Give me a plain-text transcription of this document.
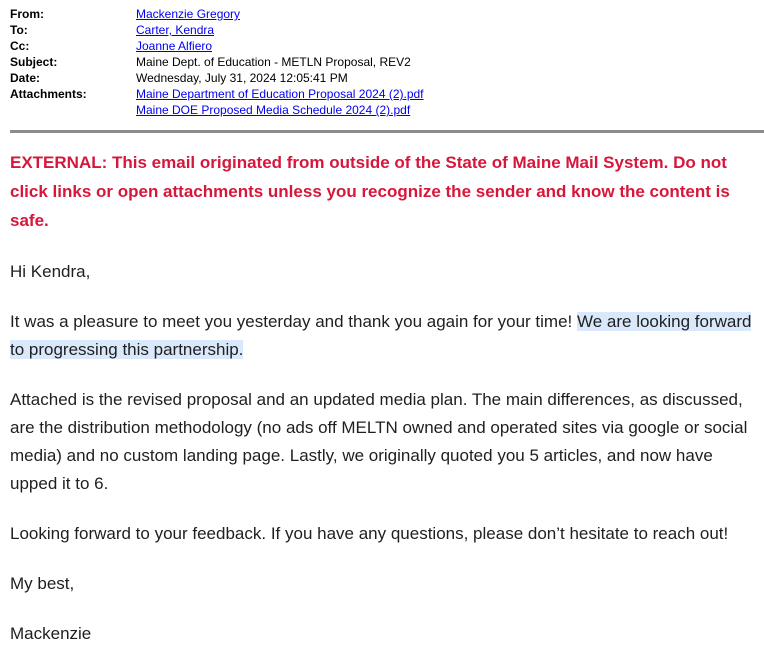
From:	Mackenzie Gregory
To:	Carter, Kendra
Cc:	Joanne Alfiero
Subject:	Maine Dept. of Education - METLN Proposal, REV2
Date:	Wednesday, July 31, 2024 12:05:41 PM
Attachments:	Maine Department of Education Proposal 2024 (2).pdf
Maine DOE Proposed Media Schedule 2024 (2).pdf

EXTERNAL: This email originated from outside of the State of Maine Mail System. Do not click links or open attachments unless you recognize the sender and know the content is safe.

Hi Kendra,

It was a pleasure to meet you yesterday and thank you again for your time! We are looking forward to progressing this partnership.

Attached is the revised proposal and an updated media plan. The main differences, as discussed, are the distribution methodology (no ads off MELTN owned and operated sites via google or social media) and no custom landing page. Lastly, we originally quoted you 5 articles, and now have upped it to 6.

Looking forward to your feedback. If you have any questions, please don’t hesitate to reach out!

My best,

Mackenzie
